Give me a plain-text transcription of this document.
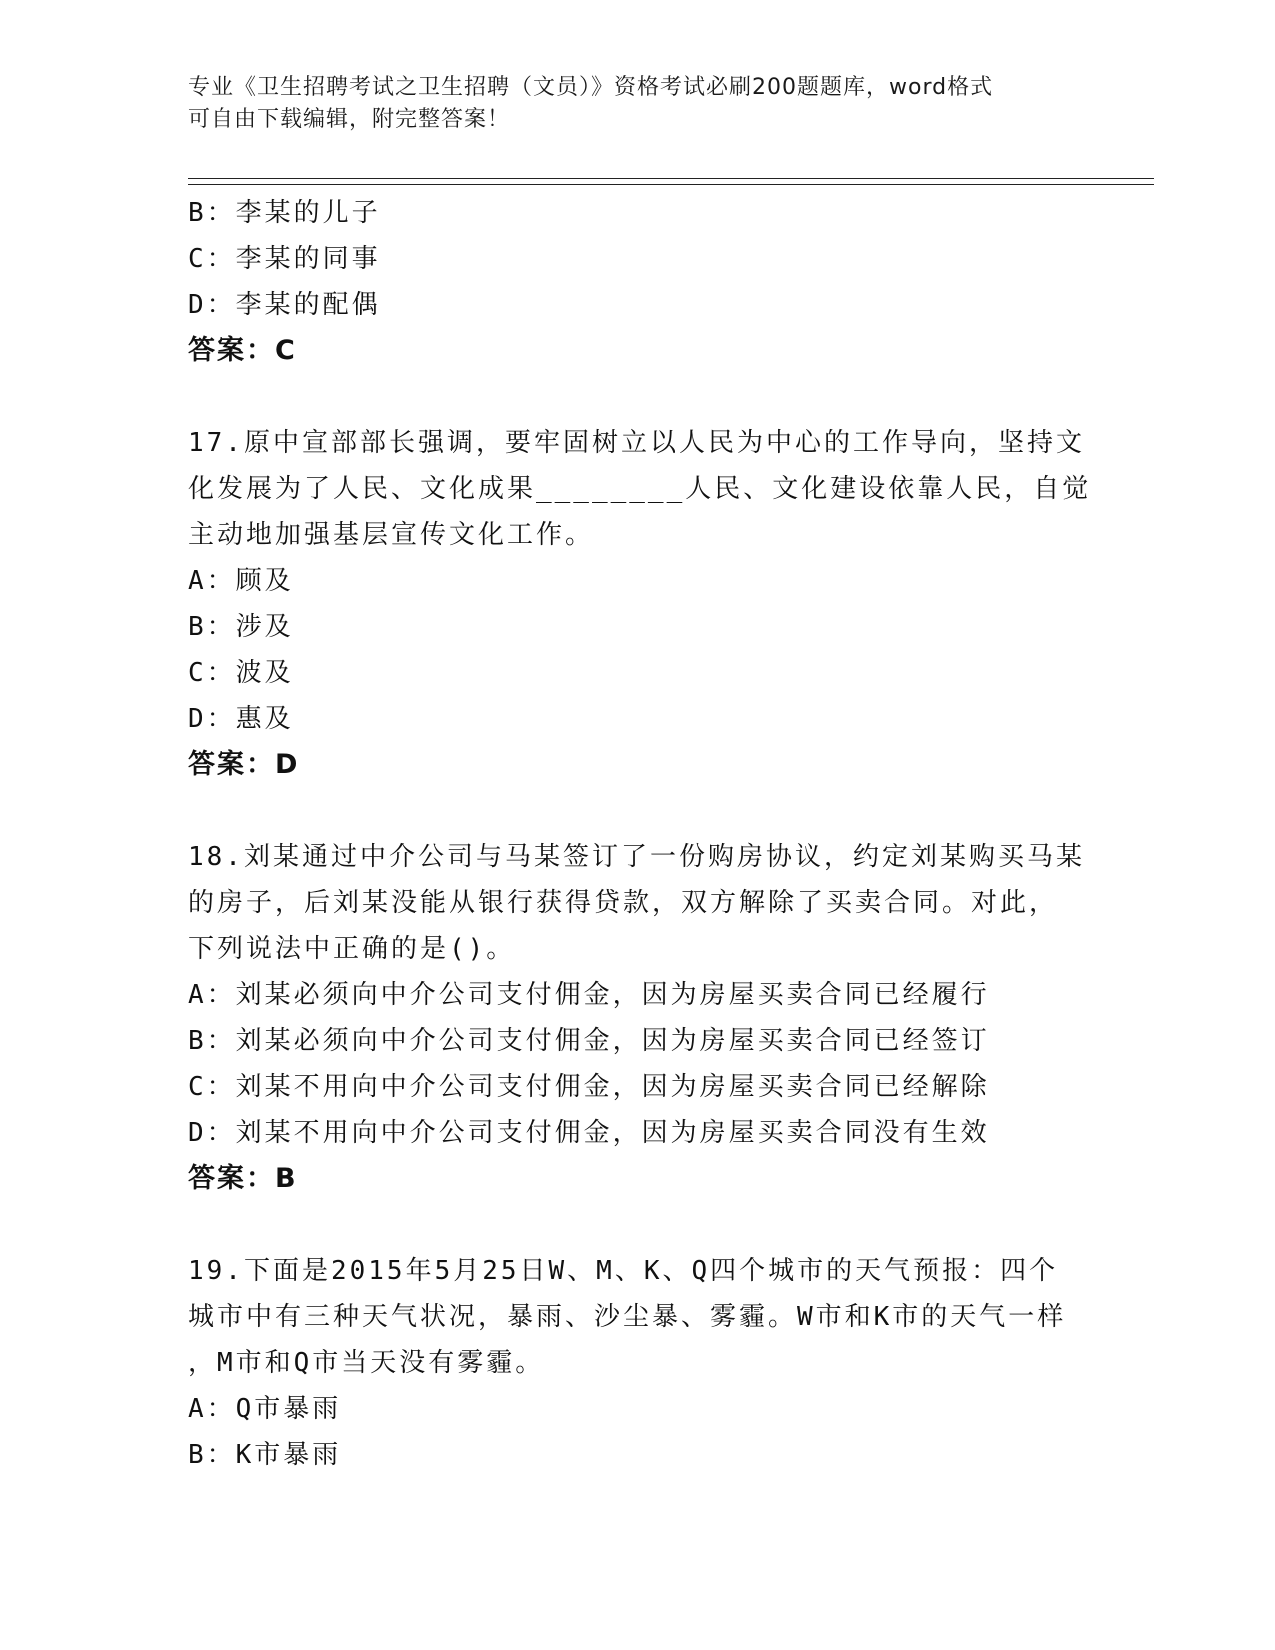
专业《卫生招聘考试之卫生招聘（文员）》资格考试必刷200题题库，word格式
可自由下载编辑，附完整答案！
B：李某的儿子
C：李某的同事
D：李某的配偶
答案：C
17.原中宣部部长强调，要牢固树立以人民为中心的工作导向，坚持文
化发展为了人民、文化成果________人民、文化建设依靠人民，自觉
主动地加强基层宣传文化工作。
A：顾及
B：涉及
C：波及
D：惠及
答案：D
18.刘某通过中介公司与马某签订了一份购房协议，约定刘某购买马某
的房子，后刘某没能从银行获得贷款，双方解除了买卖合同。对此，
下列说法中正确的是()。
A：刘某必须向中介公司支付佣金，因为房屋买卖合同已经履行
B：刘某必须向中介公司支付佣金，因为房屋买卖合同已经签订
C：刘某不用向中介公司支付佣金，因为房屋买卖合同已经解除
D：刘某不用向中介公司支付佣金，因为房屋买卖合同没有生效
答案：B
19.下面是2015年5月25日W、M、K、Q四个城市的天气预报：四个
城市中有三种天气状况，暴雨、沙尘暴、雾霾。W市和K市的天气一样
，M市和Q市当天没有雾霾。
A：Q市暴雨
B：K市暴雨
